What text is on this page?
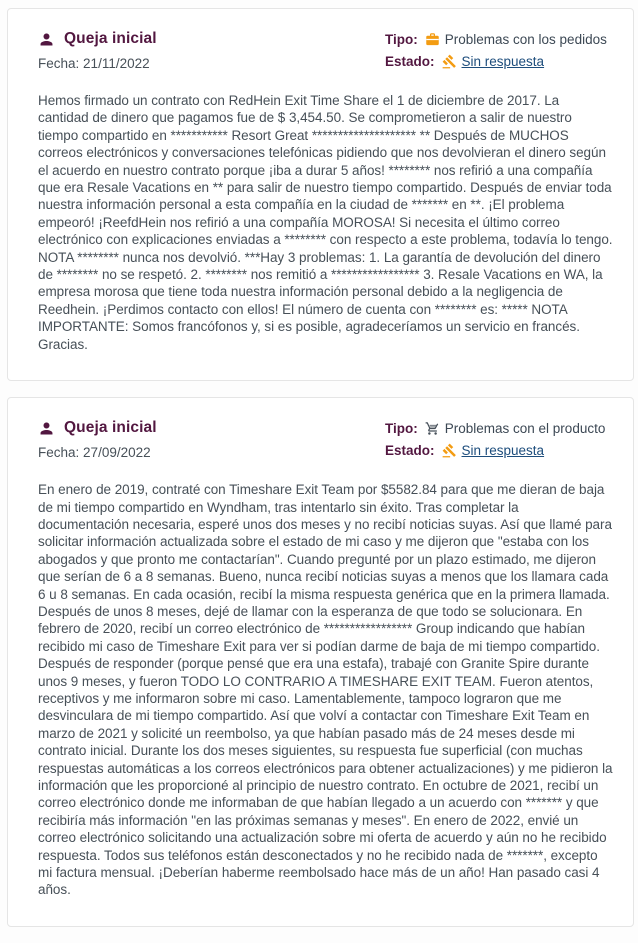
Queja inicial
Fecha: 21/11/2022
Tipo: Problemas con los pedidos
Estado: Sin respuesta
Hemos firmado un contrato con RedHein Exit Time Share el 1 de diciembre de 2017. La cantidad de dinero que pagamos fue de $ 3,454.50. Se comprometieron a salir de nuestro tiempo compartido en *********** Resort Great ******************** ** Después de MUCHOS correos electrónicos y conversaciones telefónicas pidiendo que nos devolvieran el dinero según el acuerdo en nuestro contrato porque ¡iba a durar 5 años! ******** nos refirió a una compañía que era Resale Vacations en ** para salir de nuestro tiempo compartido. Después de enviar toda nuestra información personal a esta compañía en la ciudad de ******* en **. ¡El problema empeoró! ¡ReefdHein nos refirió a una compañía MOROSA! Si necesita el último correo electrónico con explicaciones enviadas a ******** con respecto a este problema, todavía lo tengo. NOTA ******** nunca nos devolvió. ***Hay 3 problemas: 1. La garantía de devolución del dinero de ******** no se respetó. 2. ******** nos remitió a ***************** 3. Resale Vacations en WA, la empresa morosa que tiene toda nuestra información personal debido a la negligencia de Reedhein. ¡Perdimos contacto con ellos! El número de cuenta con ******** es: ***** NOTA IMPORTANTE: Somos francófonos y, si es posible, agradeceríamos un servicio en francés. Gracias.
Queja inicial
Fecha: 27/09/2022
Tipo: Problemas con el producto
Estado: Sin respuesta
En enero de 2019, contraté con Timeshare Exit Team por $5582.84 para que me dieran de baja de mi tiempo compartido en Wyndham, tras intentarlo sin éxito. Tras completar la documentación necesaria, esperé unos dos meses y no recibí noticias suyas. Así que llamé para solicitar información actualizada sobre el estado de mi caso y me dijeron que "estaba con los abogados y que pronto me contactarían". Cuando pregunté por un plazo estimado, me dijeron que serían de 6 a 8 semanas. Bueno, nunca recibí noticias suyas a menos que los llamara cada 6 u 8 semanas. En cada ocasión, recibí la misma respuesta genérica que en la primera llamada. Después de unos 8 meses, dejé de llamar con la esperanza de que todo se solucionara. En febrero de 2020, recibí un correo electrónico de ***************** Group indicando que habían recibido mi caso de Timeshare Exit para ver si podían darme de baja de mi tiempo compartido. Después de responder (porque pensé que era una estafa), trabajé con Granite Spire durante unos 9 meses, y fueron TODO LO CONTRARIO A TIMESHARE EXIT TEAM. Fueron atentos, receptivos y me informaron sobre mi caso. Lamentablemente, tampoco lograron que me desvinculara de mi tiempo compartido. Así que volví a contactar con Timeshare Exit Team en marzo de 2021 y solicité un reembolso, ya que habían pasado más de 24 meses desde mi contrato inicial. Durante los dos meses siguientes, su respuesta fue superficial (con muchas respuestas automáticas a los correos electrónicos para obtener actualizaciones) y me pidieron la información que les proporcioné al principio de nuestro contrato. En octubre de 2021, recibí un correo electrónico donde me informaban de que habían llegado a un acuerdo con ******* y que recibiría más información "en las próximas semanas y meses". En enero de 2022, envié un correo electrónico solicitando una actualización sobre mi oferta de acuerdo y aún no he recibido respuesta. Todos sus teléfonos están desconectados y no he recibido nada de *******, excepto mi factura mensual. ¡Deberían haberme reembolsado hace más de un año! Han pasado casi 4 años.
